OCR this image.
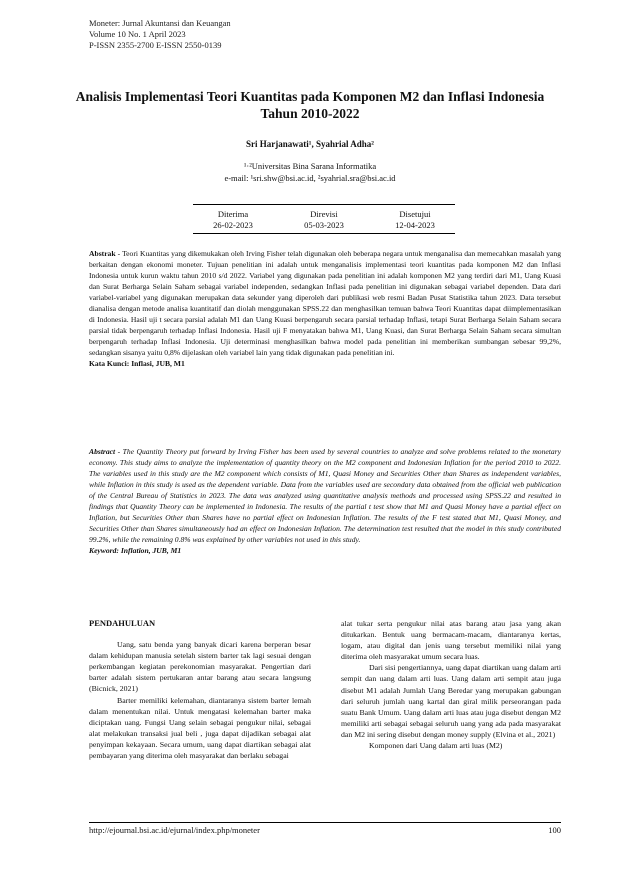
Moneter: Jurnal Akuntansi dan Keuangan
Volume 10 No. 1 April 2023
P-ISSN 2355-2700 E-ISSN 2550-0139
Analisis Implementasi Teori Kuantitas pada Komponen M2 dan Inflasi Indonesia Tahun 2010-2022
Sri Harjanawati¹, Syahrial Adha²
¹·²Universitas Bina Sarana Informatika
e-mail: ¹sri.shw@bsi.ac.id, ²syahrial.sra@bsi.ac.id
Diterima
26-02-2023
Direvisi
05-03-2023
Disetujui
12-04-2023
Abstrak - Teori Kuantitas yang dikemukakan oleh Irving Fisher telah digunakan oleh beberapa negara untuk menganalisa dan memecahkan masalah yang berkaitan dengan ekonomi moneter. Tujuan penelitian ini adalah untuk menganalisis implementasi teori kuantitas pada komponen M2 dan Inflasi Indonesia untuk kurun waktu tahun 2010 s/d 2022. Variabel yang digunakan pada penelitian ini adalah komponen M2 yang terdiri dari M1, Uang Kuasi dan Surat Berharga Selain Saham sebagai variabel independen, sedangkan Inflasi pada penelitian ini digunakan sebagai variabel dependen. Data dari variabel-variabel yang digunakan merupakan data sekunder yang diperoleh dari publikasi web resmi Badan Pusat Statistika tahun 2023. Data tersebut dianalisa dengan metode analisa kuantitatif dan diolah menggunakan SPSS.22 dan menghasilkan temuan bahwa Teori Kuantitas dapat diimplementasikan di Indonesia. Hasil uji t secara parsial adalah M1 dan Uang Kuasi berpengaruh secara parsial terhadap Inflasi, tetapi Surat Berharga Selain Saham secara parsial tidak berpengaruh terhadap Inflasi Indonesia. Hasil uji F menyatakan bahwa M1, Uang Kuasi, dan Surat Berharga Selain Saham secara simultan berpengaruh terhadap Inflasi Indonesia. Uji determinasi menghasilkan bahwa model pada penelitian ini memberikan sumbangan sebesar 99,2%, sedangkan sisanya yaitu 0,8% dijelaskan oleh variabel lain yang tidak digunakan pada penelitian ini.
Kata Kunci: Inflasi, JUB, M1
Abstract - The Quantity Theory put forward by Irving Fisher has been used by several countries to analyze and solve problems related to the monetary economy. This study aims to analyze the implementation of quantity theory on the M2 component and Indonesian Inflation for the period 2010 to 2022. The variables used in this study are the M2 component which consists of M1, Quasi Money and Securities Other than Shares as independent variables, while Inflation in this study is used as the dependent variable. Data from the variables used are secondary data obtained from the official web publication of the Central Bureau of Statistics in 2023. The data was analyzed using quantitative analysis methods and processed using SPSS.22 and resulted in findings that Quantity Theory can be implemented in Indonesia. The results of the partial t test show that M1 and Quasi Money have a partial effect on Inflation, but Securities Other than Shares have no partial effect on Indonesian Inflation. The results of the F test stated that M1, Quasi Money, and Securities Other than Shares simultaneously had an effect on Indonesian Inflation. The determination test resulted that the model in this study contributed 99.2%, while the remaining 0.8% was explained by other variables not used in this study.
Keyword: Inflation, JUB, M1
PENDAHULUAN

Uang, satu benda yang banyak dicari karena berperan besar dalam kehidupan manusia setelah sistem barter tak lagi sesuai dengan perkembangan kegiatan perekonomian masyarakat. Pengertian dari barter adalah sistem pertukaran antar barang atau secara langsung (Bicnick, 2021)

Barter memiliki kelemahan, diantaranya sistem barter lemah dalam menentukan nilai. Untuk mengatasi kelemahan barter maka diciptakan uang. Fungsi Uang selain sebagai pengukur nilai, sebagai alat melakukan transaksi jual beli , juga dapat dijadikan sebagai alat penyimpan kekayaan. Secara umum, uang dapat diartikan sebagai alat pembayaran yang diterima oleh masyarakat dan berlaku sebagai

alat tukar serta pengukur nilai atas barang atau jasa yang akan ditukarkan. Bentuk uang bermacam-macam, diantaranya kertas, logam, atau digital dan jenis uang tersebut memiliki nilai yang diterima oleh masyarakat umum secara luas.

Dari sisi pengertiannya, uang dapat diartikan uang dalam arti sempit dan uang dalam arti luas. Uang dalam arti sempit atau juga disebut M1 adalah Jumlah Uang Beredar yang merupakan gabungan dari seluruh jumlah uang kartal dan giral milik perseorangan pada suatu Bank Umum. Uang dalam arti luas atau juga disebut dengan M2 memiliki arti sebagai sebagai seluruh uang yang ada pada masyarakat dan M2 ini sering disebut dengan money supply (Elvina et al., 2021)

Komponen dari Uang dalam arti luas (M2)

http://ejournal.bsi.ac.id/ejurnal/index.php/moneter	100
